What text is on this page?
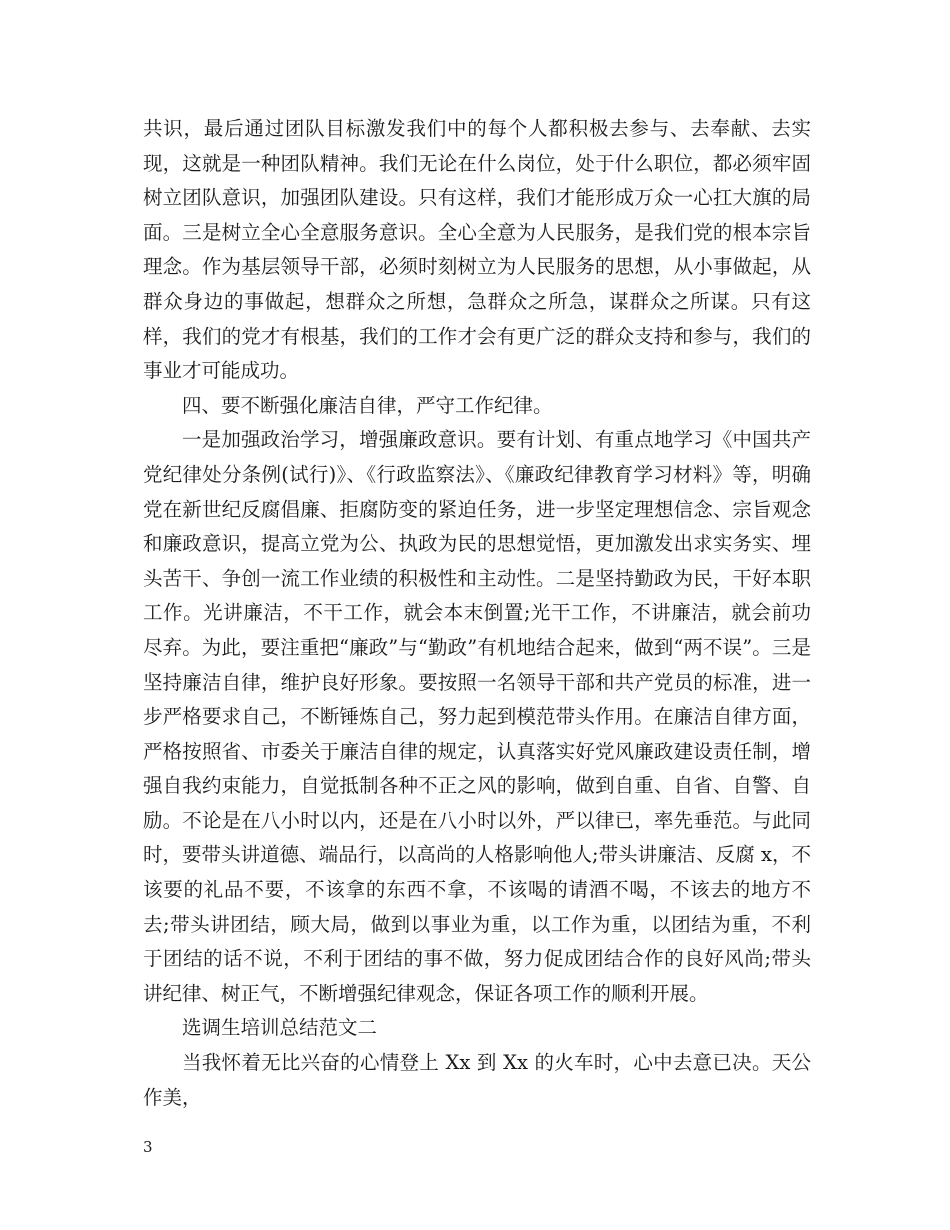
共识，最后通过团队目标激发我们中的每个人都积极去参与、去奉献、去实现，这就是一种团队精神。我们无论在什么岗位，处于什么职位，都必须牢固树立团队意识，加强团队建设。只有这样，我们才能形成万众一心扛大旗的局面。三是树立全心全意服务意识。全心全意为人民服务，是我们党的根本宗旨理念。作为基层领导干部，必须时刻树立为人民服务的思想，从小事做起，从群众身边的事做起，想群众之所想，急群众之所急，谋群众之所谋。只有这样，我们的党才有根基，我们的工作才会有更广泛的群众支持和参与，我们的事业才可能成功。

四、要不断强化廉洁自律，严守工作纪律。

一是加强政治学习，增强廉政意识。要有计划、有重点地学习《中国共产党纪律处分条例(试行)》、《行政监察法》、《廉政纪律教育学习材料》等，明确党在新世纪反腐倡廉、拒腐防变的紧迫任务，进一步坚定理想信念、宗旨观念和廉政意识，提高立党为公、执政为民的思想觉悟，更加激发出求实务实、埋头苦干、争创一流工作业绩的积极性和主动性。二是坚持勤政为民，干好本职工作。光讲廉洁，不干工作，就会本末倒置;光干工作，不讲廉洁，就会前功尽弃。为此，要注重把“廉政”与“勤政”有机地结合起来，做到“两不误”。三是坚持廉洁自律，维护良好形象。要按照一名领导干部和共产党员的标准，进一步严格要求自己，不断锤炼自己，努力起到模范带头作用。在廉洁自律方面，严格按照省、市委关于廉洁自律的规定，认真落实好党风廉政建设责任制，增强自我约束能力，自觉抵制各种不正之风的影响，做到自重、自省、自警、自励。不论是在八小时以内，还是在八小时以外，严以律已，率先垂范。与此同时，要带头讲道德、端品行，以高尚的人格影响他人;带头讲廉洁、反腐 x，不该要的礼品不要，不该拿的东西不拿，不该喝的请酒不喝，不该去的地方不去;带头讲团结，顾大局，做到以事业为重，以工作为重，以团结为重，不利于团结的话不说，不利于团结的事不做，努力促成团结合作的良好风尚;带头讲纪律、树正气，不断增强纪律观念，保证各项工作的顺利开展。

选调生培训总结范文二

当我怀着无比兴奋的心情登上 Xx 到 Xx 的火车时，心中去意已决。天公作美，

3
